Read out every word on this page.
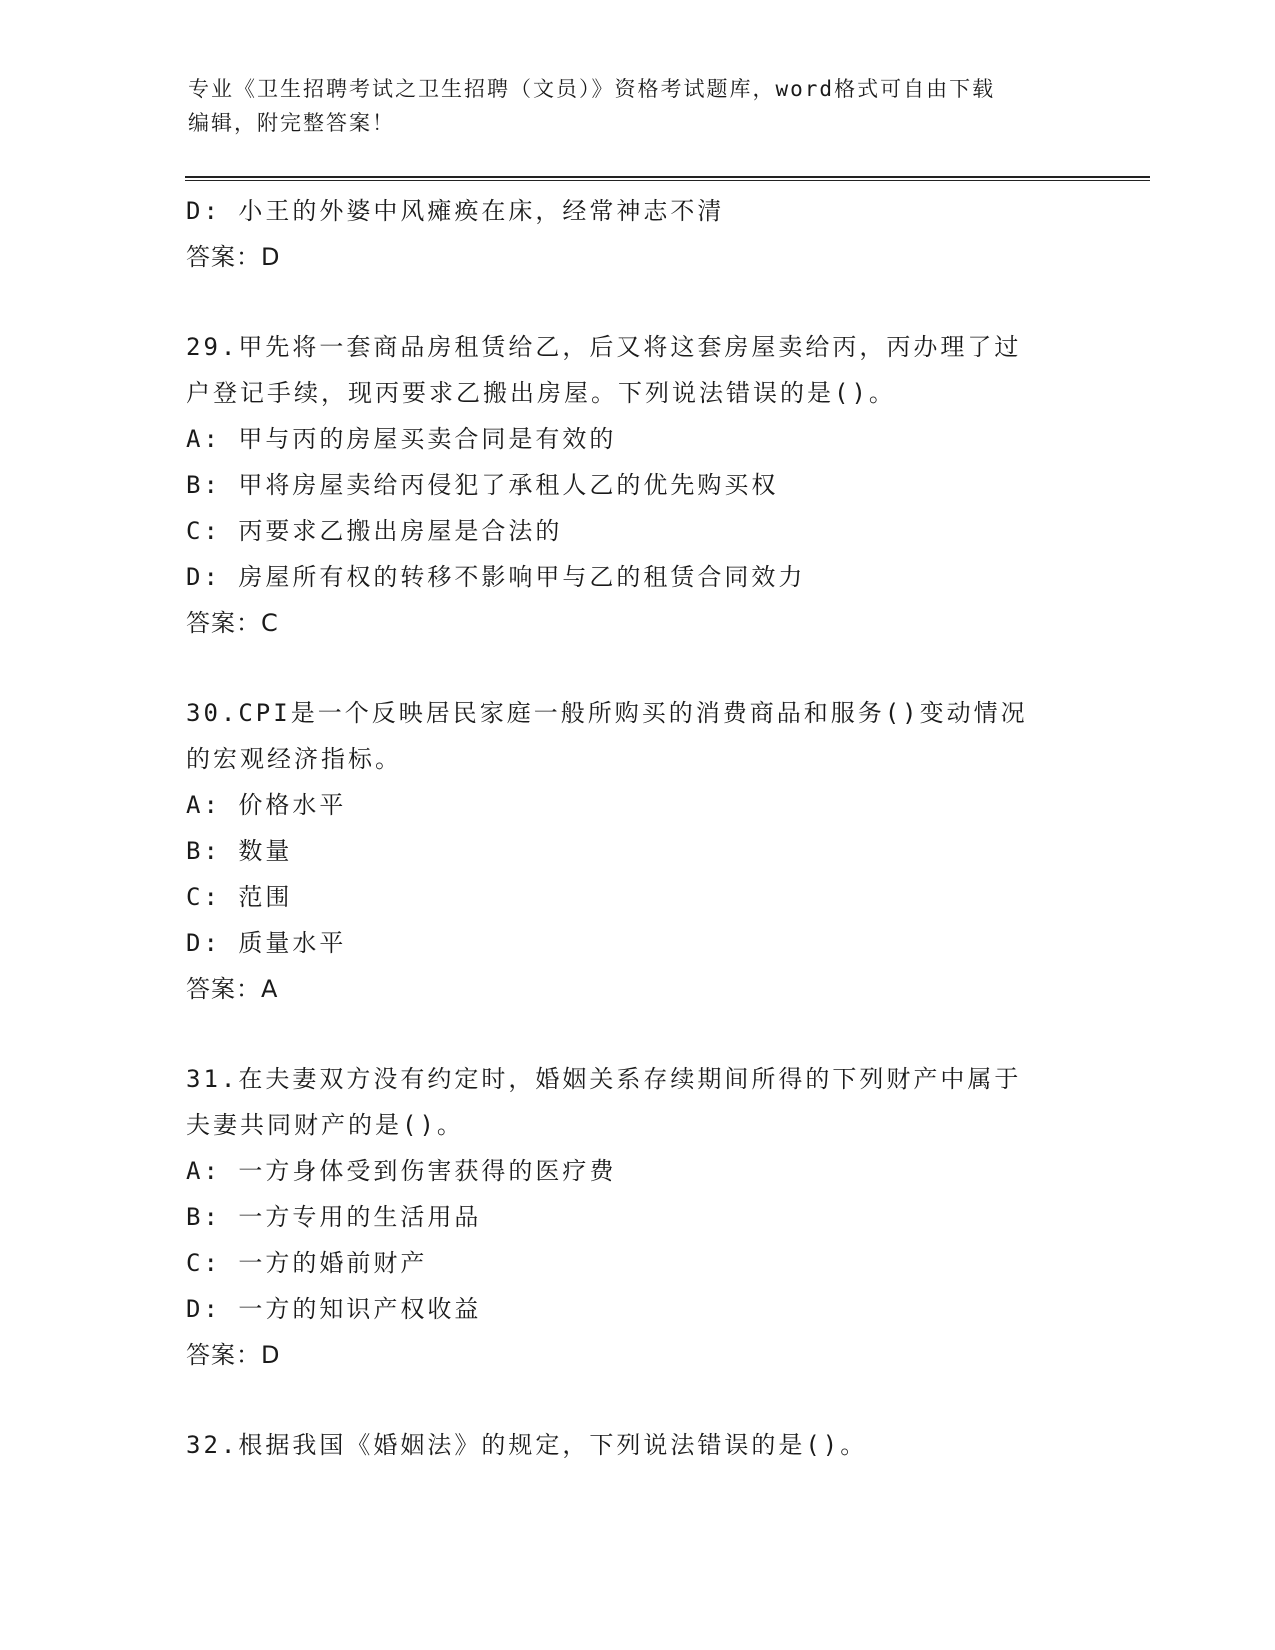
专业《卫生招聘考试之卫生招聘（文员）》资格考试题库，word格式可自由下载
编辑，附完整答案！
D: 小王的外婆中风瘫痪在床，经常神志不清
答案：D
29.甲先将一套商品房租赁给乙，后又将这套房屋卖给丙，丙办理了过
户登记手续，现丙要求乙搬出房屋。下列说法错误的是()。
A: 甲与丙的房屋买卖合同是有效的
B: 甲将房屋卖给丙侵犯了承租人乙的优先购买权
C: 丙要求乙搬出房屋是合法的
D: 房屋所有权的转移不影响甲与乙的租赁合同效力
答案：C
30.CPI是一个反映居民家庭一般所购买的消费商品和服务()变动情况
的宏观经济指标。
A: 价格水平
B: 数量
C: 范围
D: 质量水平
答案：A
31.在夫妻双方没有约定时，婚姻关系存续期间所得的下列财产中属于
夫妻共同财产的是()。
A: 一方身体受到伤害获得的医疗费
B: 一方专用的生活用品
C: 一方的婚前财产
D: 一方的知识产权收益
答案：D
32.根据我国《婚姻法》的规定，下列说法错误的是()。
